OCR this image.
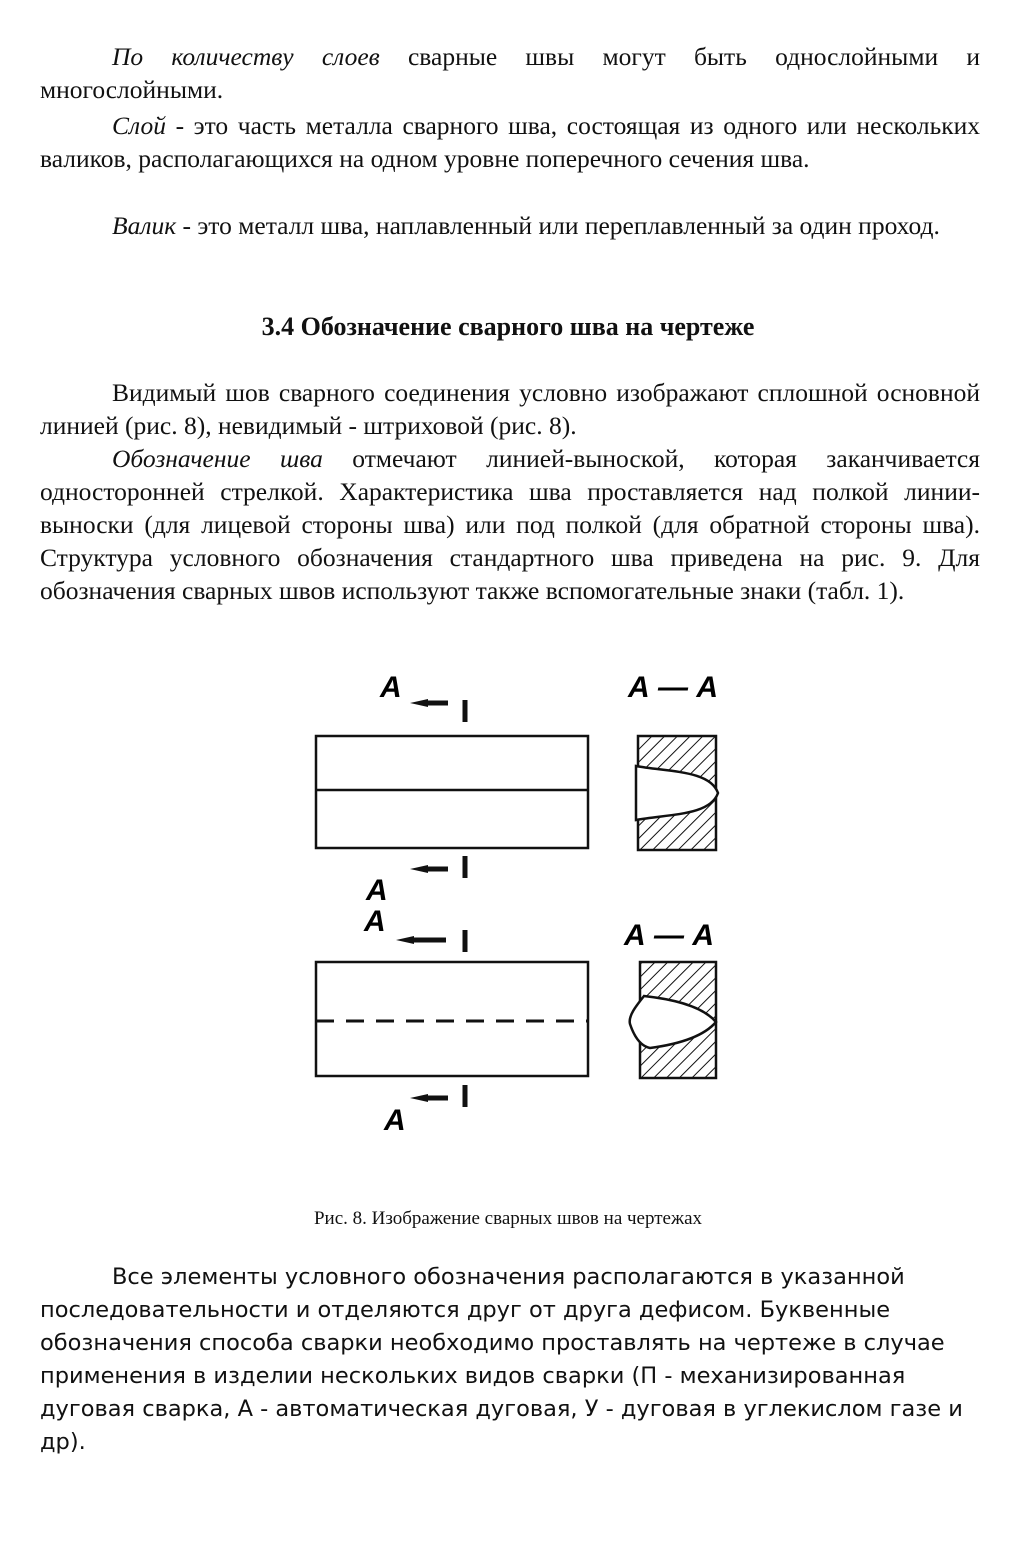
По количеству слоев сварные швы могут быть однослойными и многослойными.

Слой - это часть металла сварного шва, состоящая из одного или нескольких валиков, располагающихся на одном уровне поперечного сечения шва.

Валик - это металл шва, наплавленный или переплавленный за один проход.

3.4 Обозначение сварного шва на чертеже

Видимый шов сварного соединения условно изображают сплошной основной линией (рис. 8), невидимый - штриховой (рис. 8).

Обозначение шва отмечают линией-выноской, которая заканчивается односторонней стрелкой. Характеристика шва проставляется над полкой линии-выноски (для лицевой стороны шва) или под полкой (для обратной стороны шва). Структура условного обозначения стандартного шва приведена на рис. 9. Для обозначения сварных швов используют также вспомогательные знаки (табл. 1).

А
А
А — А
А
А
А — А
Рис. 8. Изображение сварных швов на чертежах

Все элементы условного обозначения располагаются в указанной последовательности и отделяются друг от друга дефисом. Буквенные обозначения способа сварки необходимо проставлять на чертеже в случае применения в изделии нескольких видов сварки (П - механизированная дуговая сварка, А - автоматическая дуговая, У - дуговая в углекислом газе и др).
